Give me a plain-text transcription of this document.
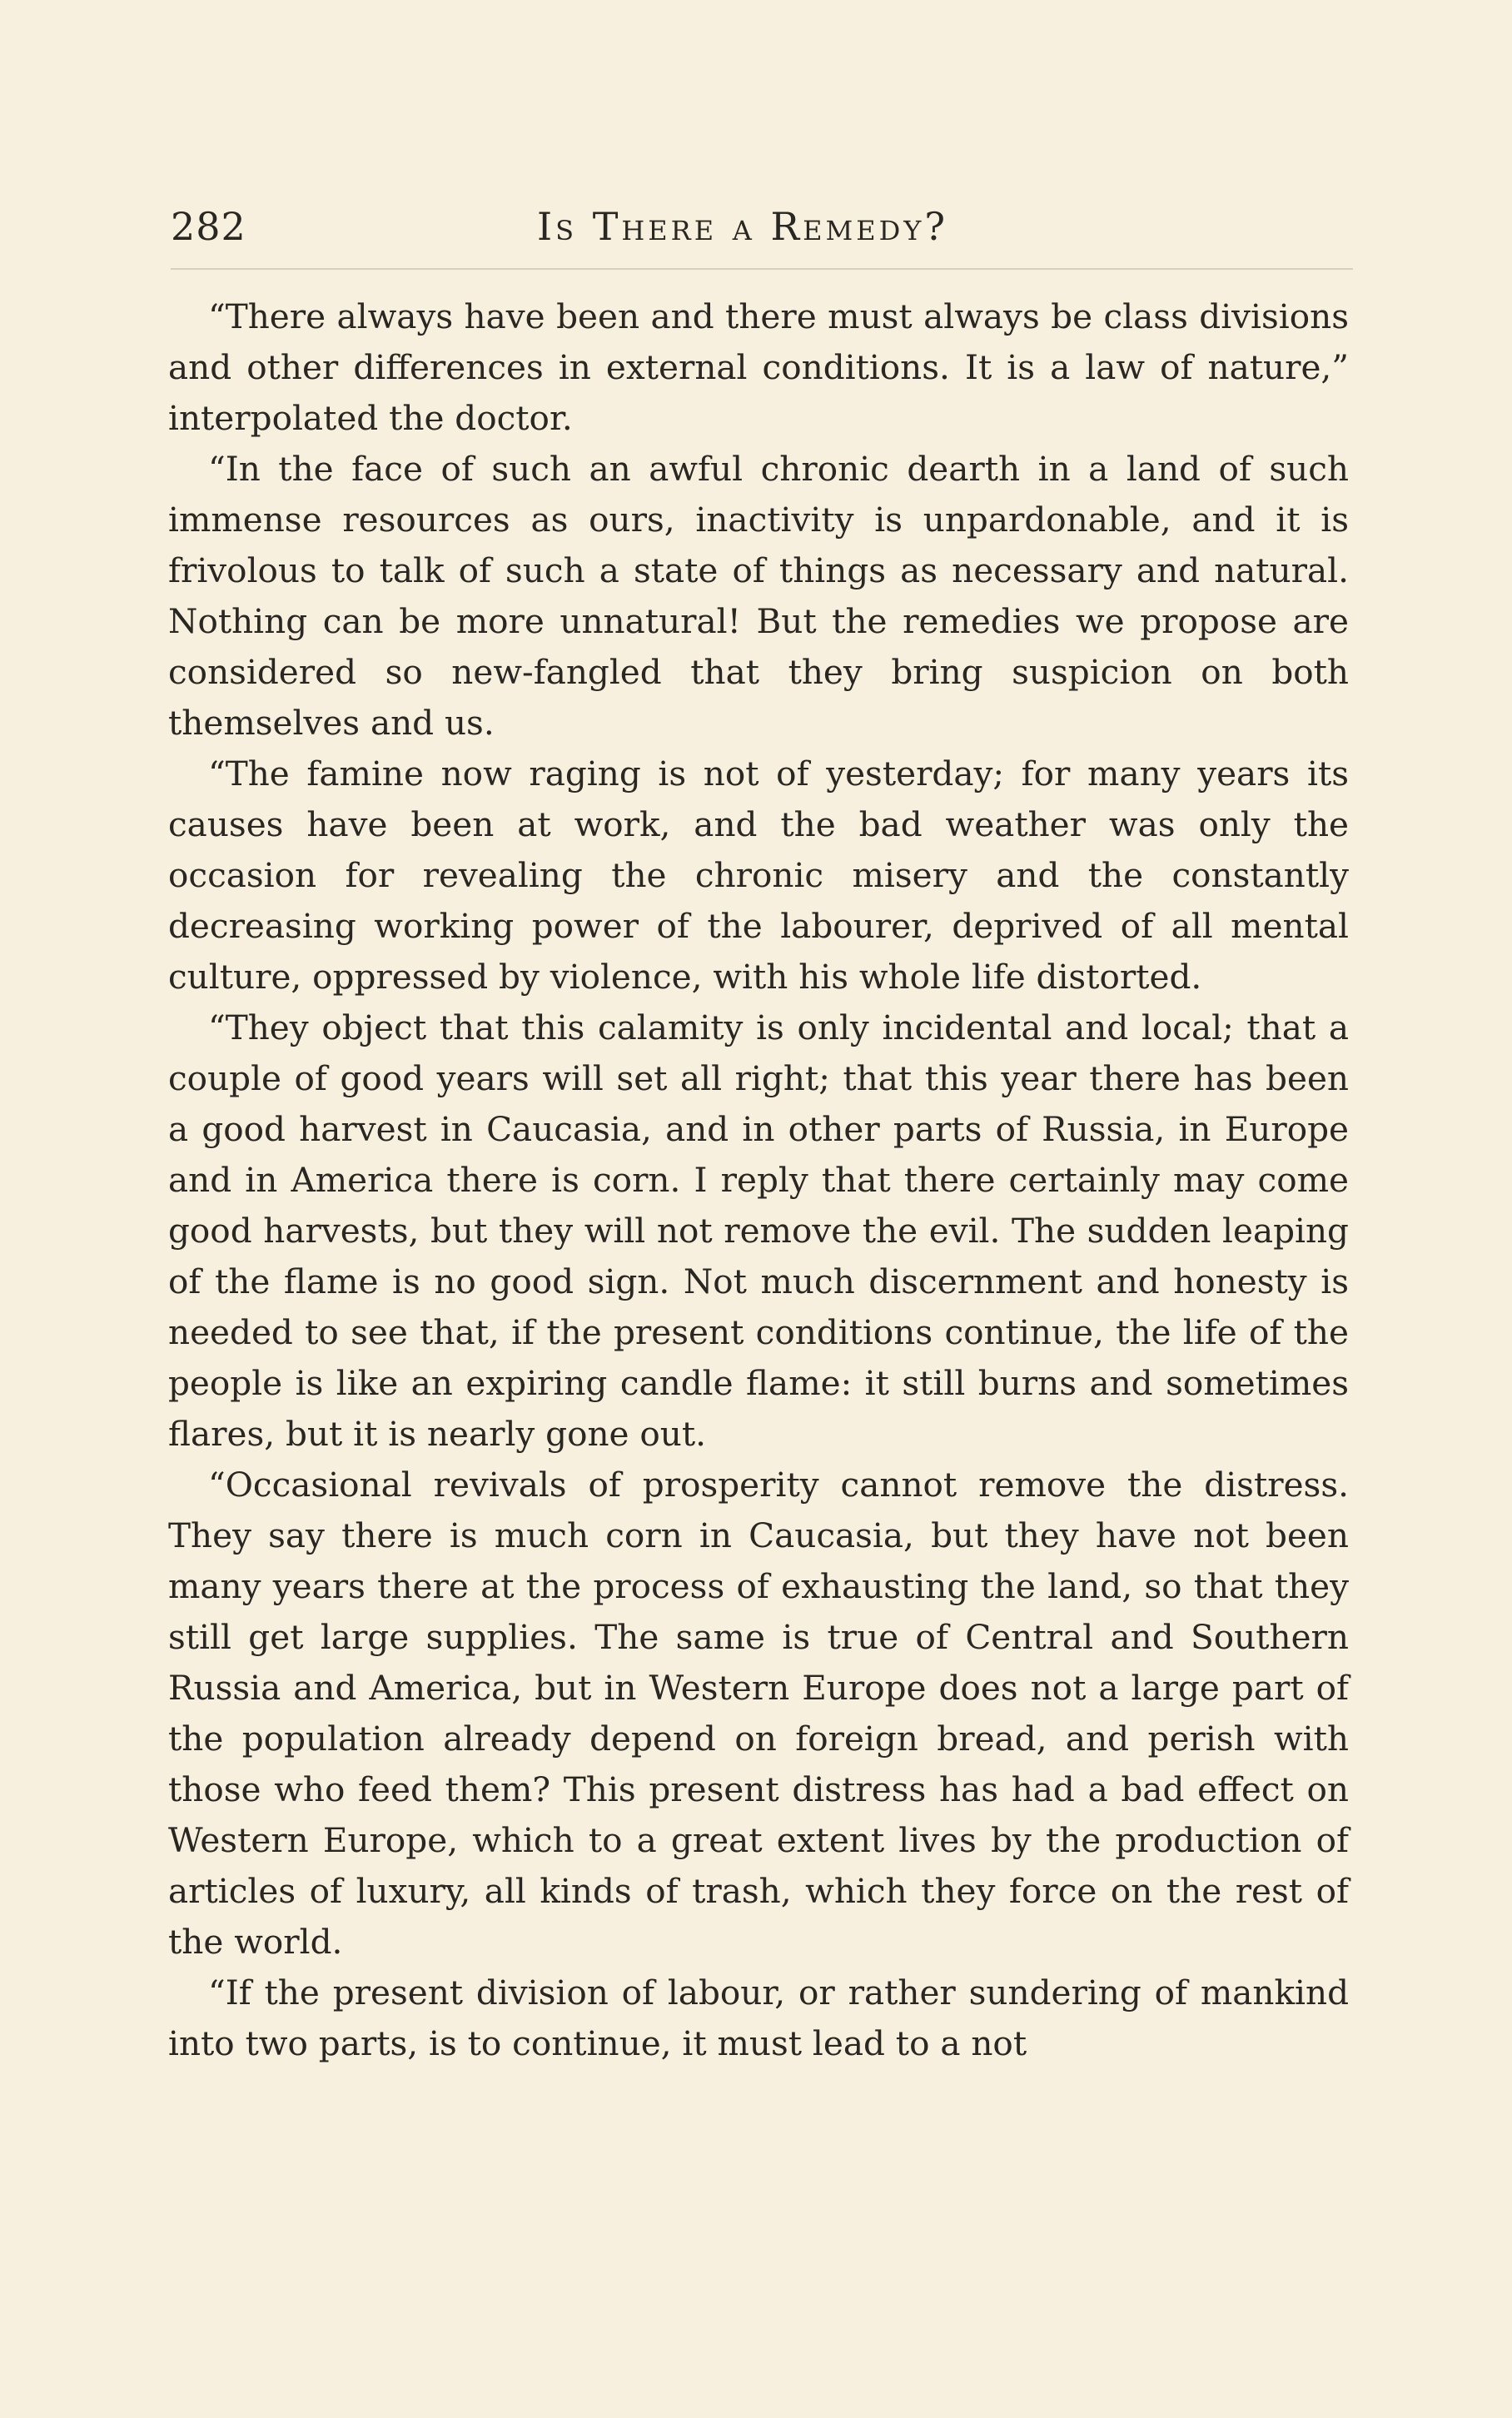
282	Is There a Remedy?

“There always have been and there must always be class divisions and other differences in external conditions. It is a law of nature,” interpolated the doctor.

“In the face of such an awful chronic dearth in a land of such immense resources as ours, inactivity is unpardonable, and it is frivolous to talk of such a state of things as necessary and natural. Nothing can be more unnatural! But the remedies we propose are considered so new-fangled that they bring suspicion on both themselves and us.

“The famine now raging is not of yesterday; for many years its causes have been at work, and the bad weather was only the occasion for revealing the chronic misery and the constantly decreasing working power of the labourer, deprived of all mental culture, oppressed by violence, with his whole life distorted.

“They object that this calamity is only incidental and local; that a couple of good years will set all right; that this year there has been a good harvest in Caucasia, and in other parts of Russia, in Europe and in America there is corn. I reply that there certainly may come good harvests, but they will not remove the evil. The sudden leaping of the flame is no good sign. Not much discernment and honesty is needed to see that, if the present conditions continue, the life of the people is like an expiring candle flame: it still burns and sometimes flares, but it is nearly gone out.

“Occasional revivals of prosperity cannot remove the distress. They say there is much corn in Caucasia, but they have not been many years there at the process of exhausting the land, so that they still get large supplies. The same is true of Central and Southern Russia and America, but in Western Europe does not a large part of the population already depend on foreign bread, and perish with those who feed them? This present distress has had a bad effect on Western Europe, which to a great extent lives by the production of articles of luxury, all kinds of trash, which they force on the rest of the world.

“If the present division of labour, or rather sundering of mankind into two parts, is to continue, it must lead to a not
